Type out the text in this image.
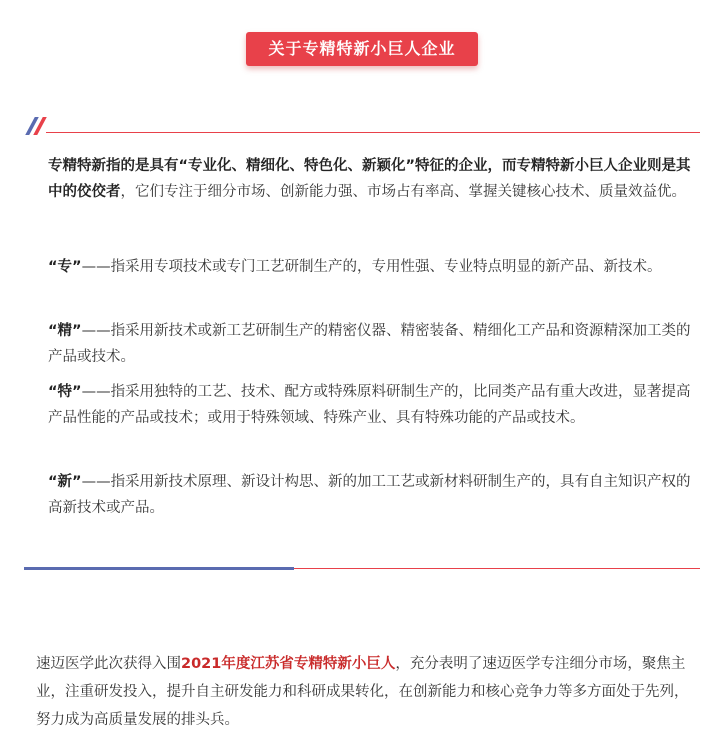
关于专精特新小巨人企业
专精特新指的是具有“专业化、精细化、特色化、新颖化”特征的企业，而专精特新小巨人企业则是其中的佼佼者，它们专注于细分市场、创新能力强、市场占有率高、掌握关键核心技术、质量效益优。
“专”——指采用专项技术或专门工艺研制生产的，专用性强、专业特点明显的新产品、新技术。
“精”——指采用新技术或新工艺研制生产的精密仪器、精密装备、精细化工产品和资源精深加工类的产品或技术。
“特”——指采用独特的工艺、技术、配方或特殊原料研制生产的，比同类产品有重大改进，显著提高产品性能的产品或技术；或用于特殊领域、特殊产业、具有特殊功能的产品或技术。
“新”——指采用新技术原理、新设计构思、新的加工工艺或新材料研制生产的，具有自主知识产权的高新技术或产品。
速迈医学此次获得入围2021年度江苏省专精特新小巨人，充分表明了速迈医学专注细分市场，聚焦主业，注重研发投入，提升自主研发能力和科研成果转化，在创新能力和核心竞争力等多方面处于先列，努力成为高质量发展的排头兵。
